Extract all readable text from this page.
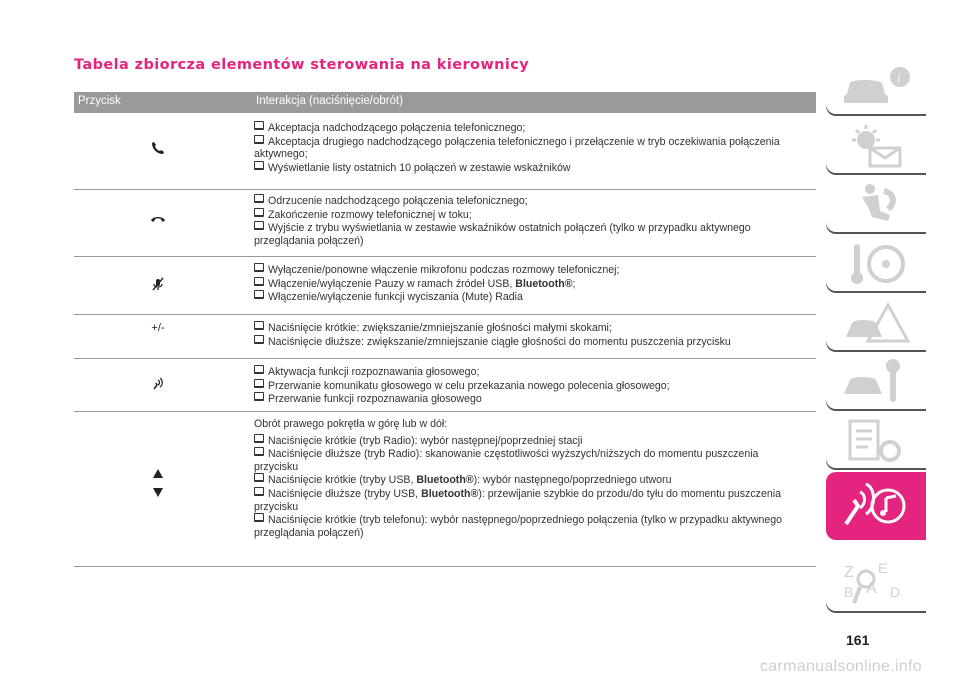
Tabela zbiorcza elementów sterowania na kierownicy
Przycisk	Interakcja (naciśnięcie/obrót)
Akceptacja nadchodzącego połączenia telefonicznego;
Akceptacja drugiego nadchodzącego połączenia telefonicznego i przełączenie w tryb oczekiwania połączenia aktywnego;
Wyświetlanie listy ostatnich 10 połączeń w zestawie wskaźników
Odrzucenie nadchodzącego połączenia telefonicznego;
Zakończenie rozmowy telefonicznej w toku;
Wyjście z trybu wyświetlania w zestawie wskaźników ostatnich połączeń (tylko w przypadku aktywnego przeglądania połączeń)
Wyłączenie/ponowne włączenie mikrofonu podczas rozmowy telefonicznej;
Włączenie/wyłączenie Pauzy w ramach źródeł USB, Bluetooth®;
Włączenie/wyłączenie funkcji wyciszania (Mute) Radia
+/-	Naciśnięcie krótkie: zwiększanie/zmniejszanie głośności małymi skokami;
Naciśnięcie dłuższe: zwiększanie/zmniejszanie ciągłe głośności do momentu puszczenia przycisku
Aktywacja funkcji rozpoznawania głosowego;
Przerwanie komunikatu głosowego w celu przekazania nowego polecenia głosowego;
Przerwanie funkcji rozpoznawania głosowego
Obrót prawego pokrętła w górę lub w dół:
Naciśnięcie krótkie (tryb Radio): wybór następnej/poprzedniej stacji
Naciśnięcie dłuższe (tryb Radio): skanowanie częstotliwości wyższych/niższych do momentu puszczenia przycisku
Naciśnięcie krótkie (tryby USB, Bluetooth®): wybór następnego/poprzedniego utworu
Naciśnięcie dłuższe (tryby USB, Bluetooth®): przewijanie szybkie do przodu/do tyłu do momentu puszczenia przycisku
Naciśnięcie krótkie (tryb telefonu): wybór następnego/poprzedniego połączenia (tylko w przypadku aktywnego przeglądania połączeń)
i
Z E
B A D
161
carmanualsonline.info
